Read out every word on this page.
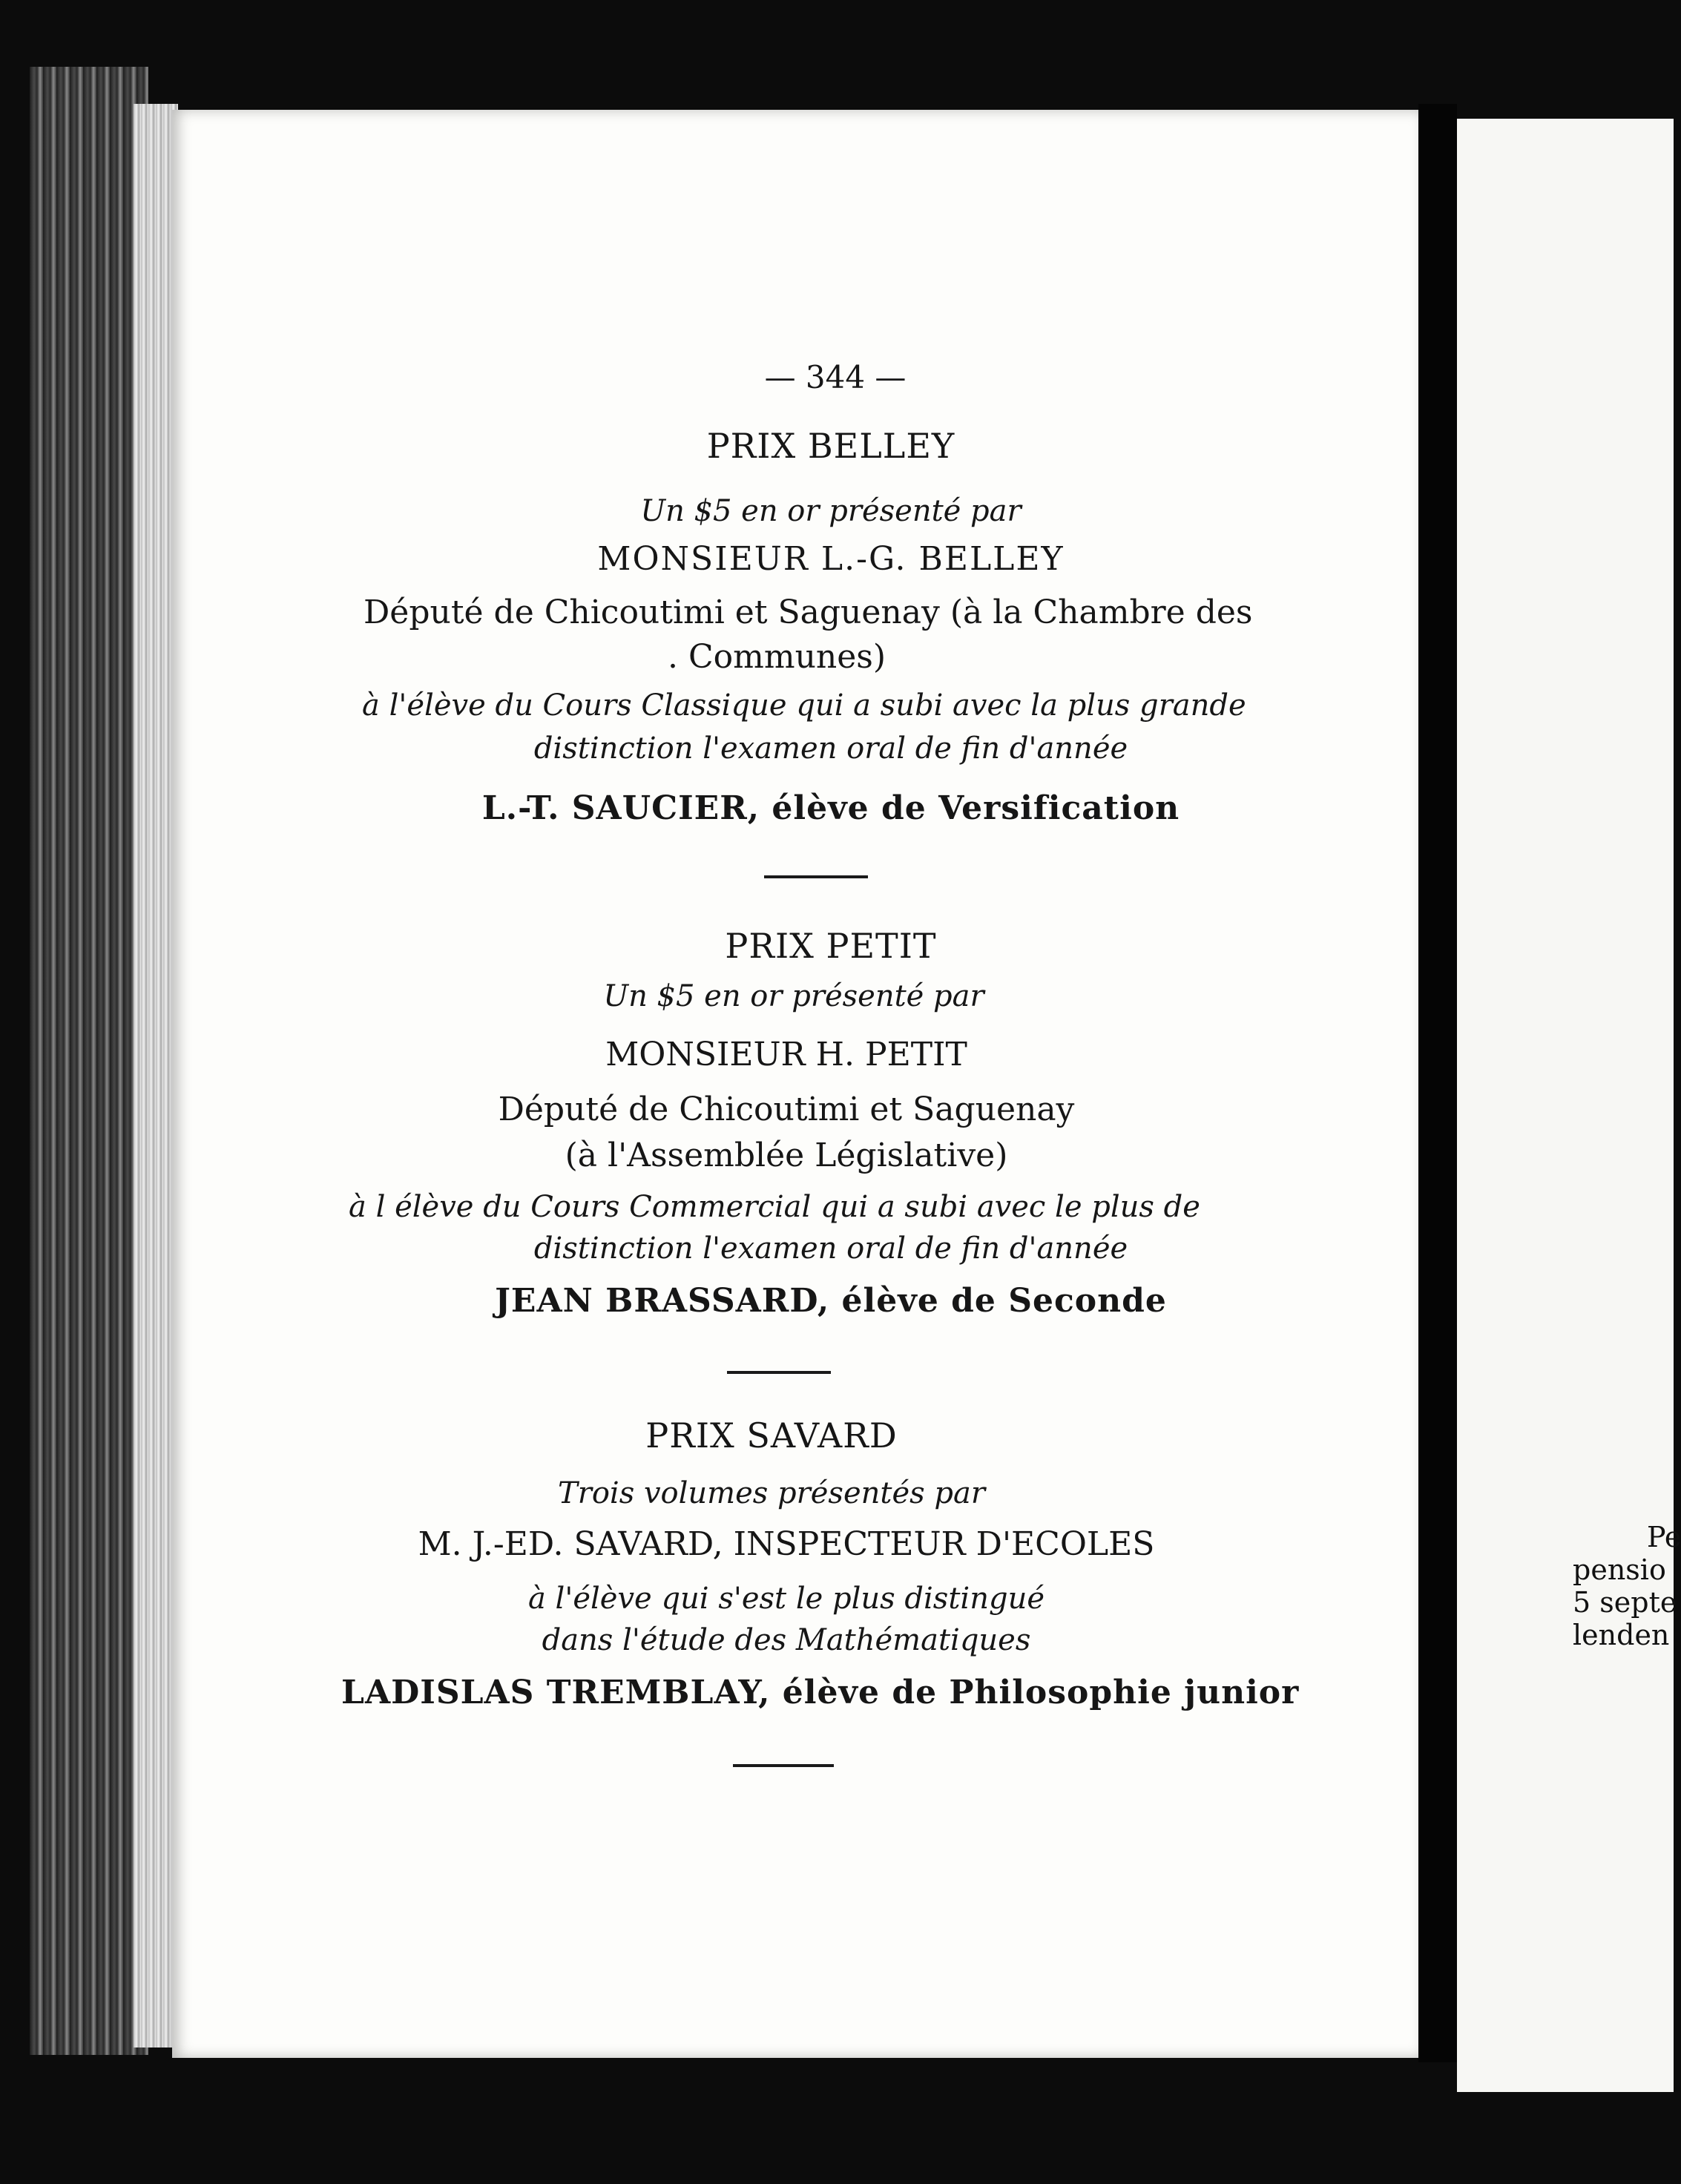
Pe
pensio
5 septe
lenden
— 344 —
PRIX BELLEY
Un $5 en or présenté par
MONSIEUR L.-G. BELLEY
Député de Chicoutimi et Saguenay (à la Chambre des
. Communes)
à l'élève du Cours Classique qui a subi avec la plus grande
distinction l'examen oral de fin d'année
L.-T. SAUCIER, élève de Versification
PRIX PETIT
Un $5 en or présenté par
MONSIEUR H. PETIT
Député de Chicoutimi et Saguenay
(à l'Assemblée Législative)
à l élève du Cours Commercial qui a subi avec le plus de
distinction l'examen oral de fin d'année
JEAN BRASSARD, élève de Seconde
PRIX SAVARD
Trois volumes présentés par
M. J.-ED. SAVARD, INSPECTEUR D'ECOLES
à l'élève qui s'est le plus distingué
dans l'étude des Mathématiques
LADISLAS TREMBLAY, élève de Philosophie junior
